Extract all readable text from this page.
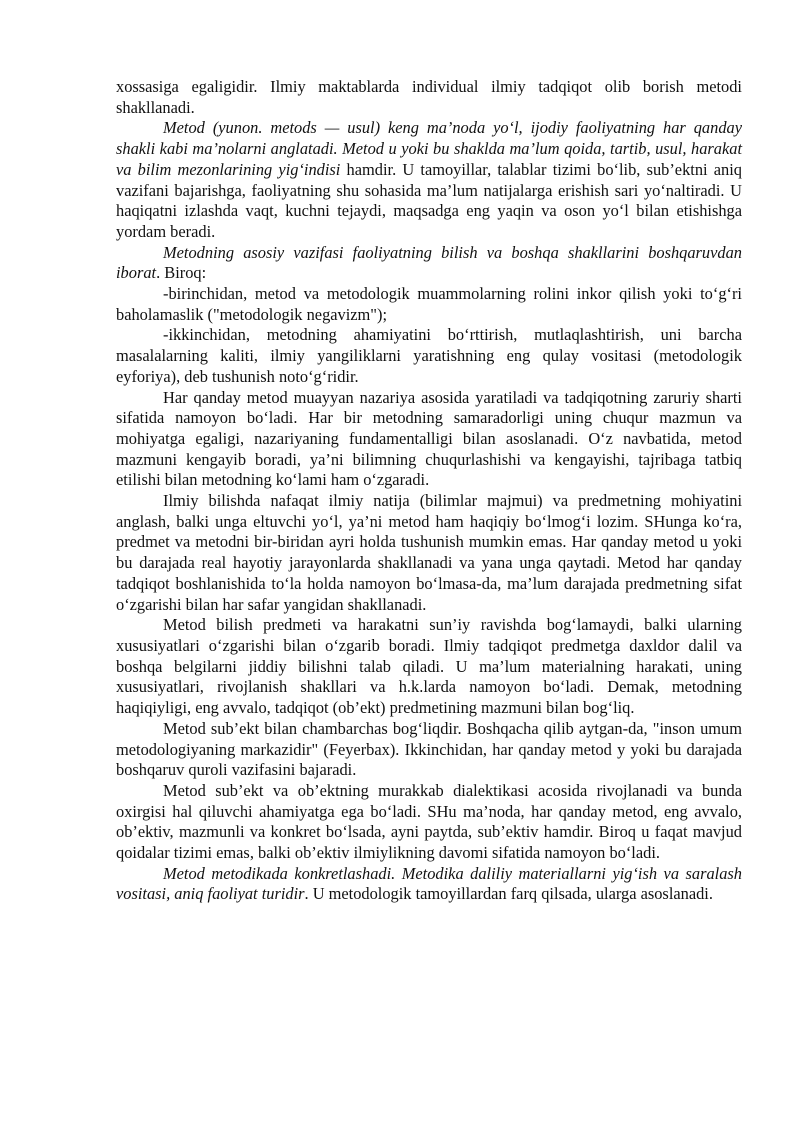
xossasiga egaligidir. Ilmiy maktablarda individual ilmiy tadqiqot olib borish metodi shakllanadi.

Metod (yunon. metods — usul) keng ma’noda yo‘l, ijodiy faoliyatning har qanday shakli kabi ma’nolarni anglatadi. Metod u yoki bu shaklda ma’lum qoida, tartib, usul, harakat va bilim mezonlarining yig‘indisi hamdir. U tamoyillar, talablar tizimi bo‘lib, sub’ektni aniq vazifani bajarishga, faoliyatning shu sohasida ma’lum natijalarga erishish sari yo‘naltiradi. U haqiqatni izlashda vaqt, kuchni tejaydi, maqsadga eng yaqin va oson yo‘l bilan etishishga yordam beradi.

Metodning asosiy vazifasi faoliyatning bilish va boshqa shakllarini boshqaruvdan iborat. Biroq:

-birinchidan, metod va metodologik muammolarning rolini inkor qilish yoki to‘g‘ri baholamaslik ("metodologik negavizm");

-ikkinchidan, metodning ahamiyatini bo‘rttirish, mutlaqlashtirish, uni barcha masalalarning kaliti, ilmiy yangiliklarni yaratishning eng qulay vositasi (metodologik eyforiya), deb tushunish noto‘g‘ridir.

Har qanday metod muayyan nazariya asosida yaratiladi va tadqiqotning zaruriy sharti sifatida namoyon bo‘ladi. Har bir metodning samaradorligi uning chuqur mazmun va mohiyatga egaligi, nazariyaning fundamentalligi bilan asoslanadi. O‘z navbatida, metod mazmuni kengayib boradi, ya’ni bilimning chuqurlashishi va kengayishi, tajribaga tatbiq etilishi bilan metodning ko‘lami ham o‘zgaradi.

Ilmiy bilishda nafaqat ilmiy natija (bilimlar majmui) va predmetning mohiyatini anglash, balki unga eltuvchi yo‘l, ya’ni metod ham haqiqiy bo‘lmog‘i lozim. SHunga ko‘ra, predmet va metodni bir-biridan ayri holda tushunish mumkin emas. Har qanday metod u yoki bu darajada real hayotiy jarayonlarda shakllanadi va yana unga qaytadi. Metod har qanday tadqiqot boshlanishida to‘la holda namoyon bo‘lmasa-da, ma’lum darajada predmetning sifat o‘zgarishi bilan har safar yangidan shakllanadi.

Metod bilish predmeti va harakatni sun’iy ravishda bog‘lamaydi, balki ularning xususiyatlari o‘zgarishi bilan o‘zgarib boradi. Ilmiy tadqiqot predmetga daxldor dalil va boshqa belgilarni jiddiy bilishni talab qiladi. U ma’lum materialning harakati, uning xususiyatlari, rivojlanish shakllari va h.k.larda namoyon bo‘ladi. Demak, metodning haqiqiyligi, eng avvalo, tadqiqot (ob’ekt) predmetining mazmuni bilan bog‘liq.

Metod sub’ekt bilan chambarchas bog‘liqdir. Boshqacha qilib aytgan-da, "inson umum metodologiyaning markazidir" (Feyerbax). Ikkinchidan, har qanday metod y yoki bu darajada boshqaruv quroli vazifasini bajaradi.

Metod sub’ekt va ob’ektning murakkab dialektikasi acosida rivojlanadi va bunda oxirgisi hal qiluvchi ahamiyatga ega bo‘ladi. SHu ma’noda, har qanday metod, eng avvalo, ob’ektiv, mazmunli va konkret bo‘lsada, ayni paytda, sub’ektiv hamdir. Biroq u faqat mavjud qoidalar tizimi emas, balki ob’ektiv ilmiylikning davomi sifatida namoyon bo‘ladi.

Metod metodikada konkretlashadi. Metodika daliliy materiallarni yig‘ish va saralash vositasi, aniq faoliyat turidir. U metodologik tamoyillardan farq qilsada, ularga asoslanadi.
